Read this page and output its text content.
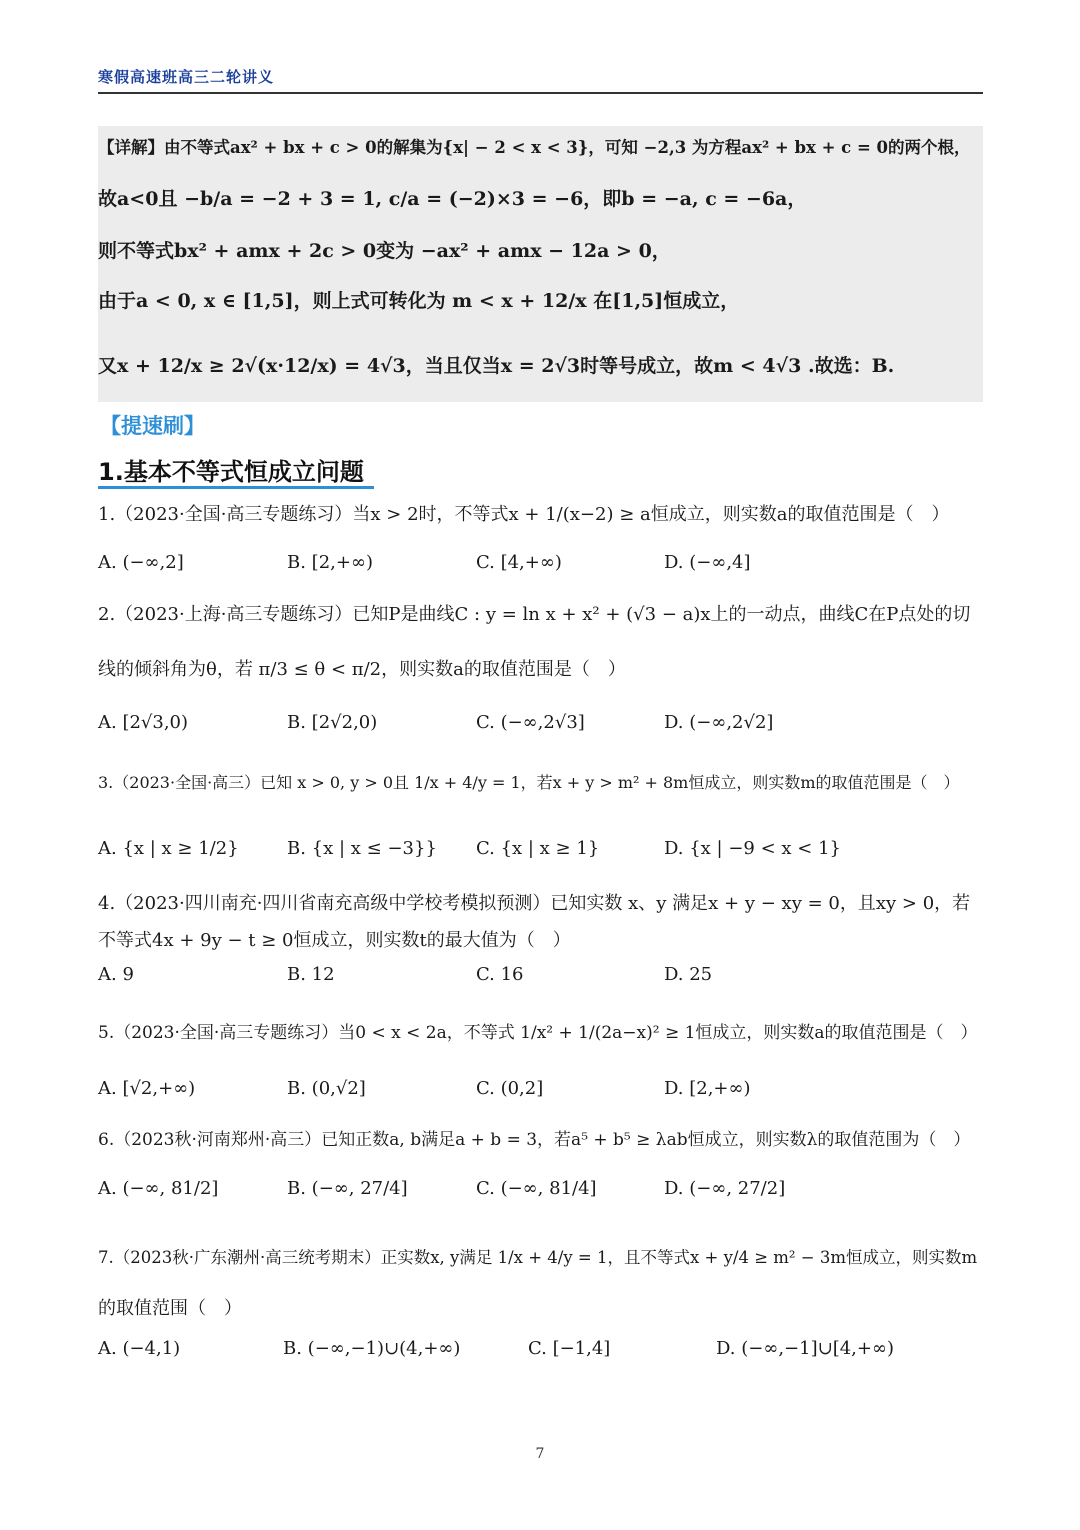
寒假高速班高三二轮讲义
【详解】由不等式ax² + bx + c > 0的解集为{x| − 2 < x < 3}，可知 −2,3 为方程ax² + bx + c = 0的两个根，
故a<0且 −b/a = −2 + 3 = 1, c/a = (−2)×3 = −6，即b = −a, c = −6a，
则不等式bx² + amx + 2c > 0变为 −ax² + amx − 12a > 0，
由于a < 0, x ∈ [1,5]，则上式可转化为 m < x + 12/x 在[1,5]恒成立，
又x + 12/x ≥ 2√(x·12/x) = 4√3，当且仅当x = 2√3时等号成立，故m < 4√3 .故选：B.
【提速刷】
1.基本不等式恒成立问题
1.（2023·全国·高三专题练习）当x > 2时，不等式x + 1/(x−2) ≥ a恒成立，则实数a的取值范围是（　）
A. (−∞,2]	B. [2,+∞)	C. [4,+∞)	D. (−∞,4]
2.（2023·上海·高三专题练习）已知P是曲线C : y = ln x + x² + (√3 − a)x上的一动点，曲线C在P点处的切
线的倾斜角为θ，若 π/3 ≤ θ < π/2，则实数a的取值范围是（　）
A. [2√3,0)	B. [2√2,0)	C. (−∞,2√3]	D. (−∞,2√2]
3.（2023·全国·高三）已知 x > 0, y > 0且 1/x + 4/y = 1，若x + y > m² + 8m恒成立，则实数m的取值范围是（　）
A. {x | x ≥ 1/2}	B. {x | x ≤ −3}} C. {x | x ≥ 1}	D. {x | −9 < x < 1}
4.（2023·四川南充·四川省南充高级中学校考模拟预测）已知实数 x、y 满足x + y − xy = 0，且xy > 0，若
不等式4x + 9y − t ≥ 0恒成立，则实数t的最大值为（　）
A. 9	B. 12	C. 16	D. 25
5.（2023·全国·高三专题练习）当0 < x < 2a，不等式 1/x² + 1/(2a−x)² ≥ 1恒成立，则实数a的取值范围是（　）
A. [√2,+∞)	B. (0,√2]	C. (0,2]	D. [2,+∞)
6.（2023秋·河南郑州·高三）已知正数a, b满足a + b = 3，若a⁵ + b⁵ ≥ λab恒成立，则实数λ的取值范围为（　）
A. (−∞, 81/2]	B. (−∞, 27/4]	C. (−∞, 81/4]	D. (−∞, 27/2]
7.（2023秋·广东潮州·高三统考期末）正实数x, y满足 1/x + 4/y = 1，且不等式x + y/4 ≥ m² − 3m恒成立，则实数m
的取值范围（　）
A. (−4,1)	B. (−∞,−1)∪(4,+∞)	C. [−1,4]	D. (−∞,−1]∪[4,+∞)
7
